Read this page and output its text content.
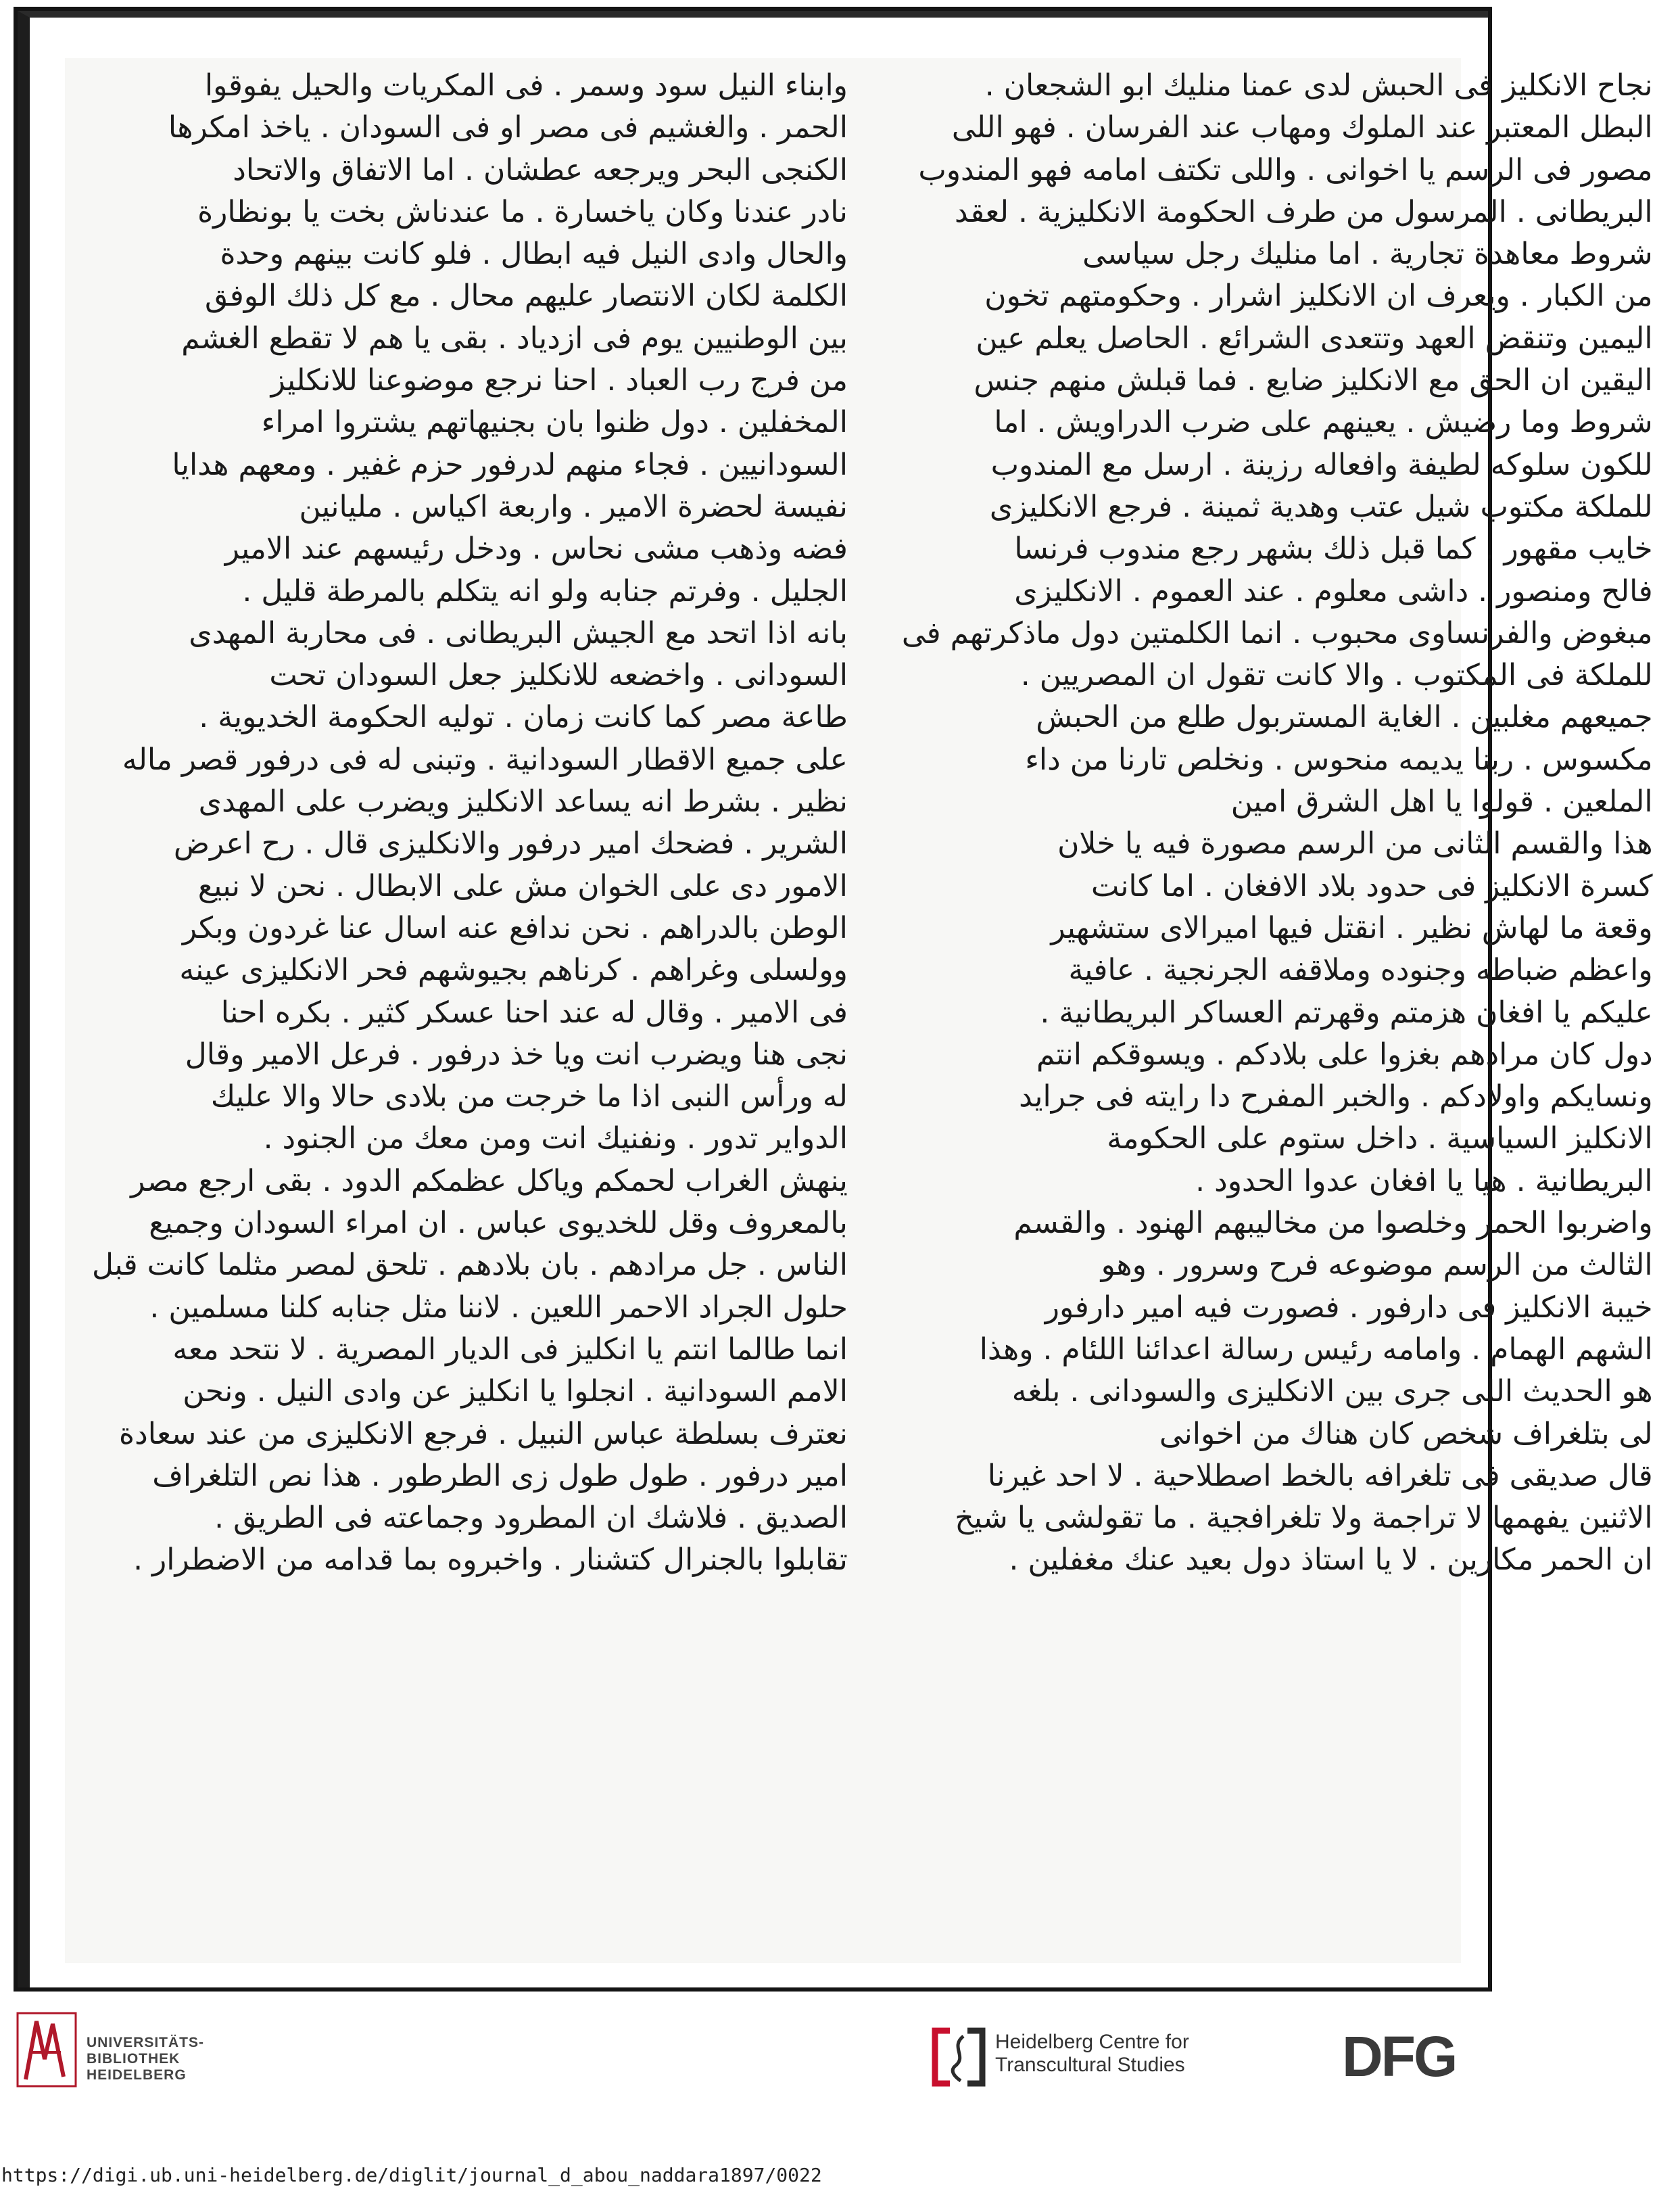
وابناء النيل سود وسمر . فى المكريات والحيل يفوقوا
الحمر . والغشيم فى مصر او فى السودان . ياخذ امكرها
الكنجى البحر ويرجعه عطشان . اما الاتفاق والاتحاد
نادر عندنا وكان ياخسارة . ما عندناش بخت يا بونظارة
والحال وادى النيل فيه ابطال . فلو كانت بينهم وحدة
الكلمة لكان الانتصار عليهم محال . مع كل ذلك الوفق
بين الوطنيين يوم فى ازدياد . بقى يا هم لا تقطع الغشم
من فرج رب العباد . احنا نرجع موضوعنا للانكليز
المخفلين . دول ظنوا بان بجنيهاتهم يشتروا امراء
السودانيين . فجاء منهم لدرفور حزم غفير . ومعهم هدايا
نفيسة لحضرة الامير . واربعة اكياس . مليانين
فضه وذهب مشى نحاس . ودخل رئيسهم عند الامير
الجليل . وفرتم جنابه ولو انه يتكلم بالمرطة قليل .
بانه اذا اتحد مع الجيش البريطانى . فى محاربة المهدى
السودانى . واخضعه للانكليز جعل السودان تحت
طاعة مصر كما كانت زمان . توليه الحكومة الخديوية .
على جميع الاقطار السودانية . وتبنى له فى درفور قصر ماله
نظير . بشرط انه يساعد الانكليز ويضرب على المهدى
الشرير . فضحك امير درفور والانكليزى قال . رح اعرض
الامور دى على الخوان مش على الابطال . نحن لا نبيع
الوطن بالدراهم . نحن ندافع عنه اسال عنا غردون وبكر
وولسلى وغراهم . كرناهم بجيوشهم فحر الانكليزى عينه
فى الامير . وقال له عند احنا عسكر كثير . بكره احنا
نجى هنا ويضرب انت ويا خذ درفور . فرعل الامير وقال
له ورأس النبى اذا ما خرجت من بلادى حالا والا عليك
الدواير تدور . ونفنيك انت ومن معك من الجنود .
ينهش الغراب لحمكم وياكل عظمكم الدود . بقى ارجع مصر
بالمعروف وقل للخديوى عباس . ان امراء السودان وجميع
الناس . جل مرادهم . بان بلادهم . تلحق لمصر مثلما كانت قبل
حلول الجراد الاحمر اللعين . لاننا مثل جنابه كلنا مسلمين .
انما طالما انتم يا انكليز فى الديار المصرية . لا نتحد معه
الامم السودانية . انجلوا يا انكليز عن وادى النيل . ونحن
نعترف بسلطة عباس النبيل . فرجع الانكليزى من عند سعادة
امير درفور . طول طول زى الطرطور . هذا نص التلغراف
الصديق . فلاشك ان المطرود وجماعته فى الطريق .
تقابلوا بالجنرال كتشنار . واخبروه بما قدامه من الاضطرار .
نجاح الانكليز فى الحبش لدى عمنا منليك ابو الشجعان .
البطل المعتبر عند الملوك ومهاب عند الفرسان . فهو اللى
مصور فى الرسم يا اخوانى . واللى تكتف امامه فهو المندوب
البريطانى . المرسول من طرف الحكومة الانكليزية . لعقد
شروط معاهدة تجارية . اما منليك رجل سياسى
من الكبار . ويعرف ان الانكليز اشرار . وحكومتهم تخون
اليمين وتنقض العهد وتتعدى الشرائع . الحاصل يعلم عين
اليقين ان الحق مع الانكليز ضايع . فما قبلش منهم جنس
شروط وما رضيش . يعينهم على ضرب الدراويش . اما
للكون سلوكه لطيفة وافعاله رزينة . ارسل مع المندوب
للملكة مكتوب شيل عتب وهدية ثمينة . فرجع الانكليزى
خايب مقهور . كما قبل ذلك بشهر رجع مندوب فرنسا
فالح ومنصور . داشى معلوم . عند العموم . الانكليزى
مبغوض والفرنساوى محبوب . انما الكلمتين دول ماذكرتهم فى
للملكة فى المكتوب . والا كانت تقول ان المصريين .
جميعهم مغلبين . الغاية المستربول طلع من الحبش
مكسوس . ربنا يديمه منحوس . ونخلص تارنا من داء
الملعين . قولوا يا اهل الشرق امين
هذا والقسم الثانى من الرسم مصورة فيه يا خلان
كسرة الانكليز فى حدود بلاد الافغان . اما كانت
وقعة ما لهاش نظير . انقتل فيها اميرالاى ستشهير
واعظم ضباطه وجنوده وملاقفه الجرنجية . عافية
عليكم يا افغان هزمتم وقهرتم العساكر البريطانية .
دول كان مرادهم بغزوا على بلادكم . ويسوقكم انتم
ونسايكم واولادكم . والخبر المفرح دا رايته فى جرايد
الانكليز السياسية . داخل ستوم على الحكومة
البريطانية . هيا يا افغان عدوا الحدود .
واضربوا الحمر وخلصوا من مخاليبهم الهنود . والقسم
الثالث من الرسم موضوعه فرح وسرور . وهو
خيبة الانكليز فى دارفور . فصورت فيه امير دارفور
الشهم الهمام . وامامه رئيس رسالة اعدائنا اللئام . وهذا
هو الحديث اللى جرى بين الانكليزى والسودانى . بلغه
لى بتلغراف شخص كان هناك من اخوانى
قال صديقى فى تلغرافه بالخط اصطلاحية . لا احد غيرنا
الاثنين يفهمها لا تراجمة ولا تلغرافجية . ما تقولشى يا شيخ
ان الحمر مكارين . لا يا استاذ دول بعيد عنك مغفلين .
UNIVERSITÄTS-
BIBLIOTHEK
HEIDELBERG
Heidelberg Centre for
Transcultural Studies	DFG
https://digi.ub.uni-heidelberg.de/diglit/journal_d_abou_naddara1897/0022
